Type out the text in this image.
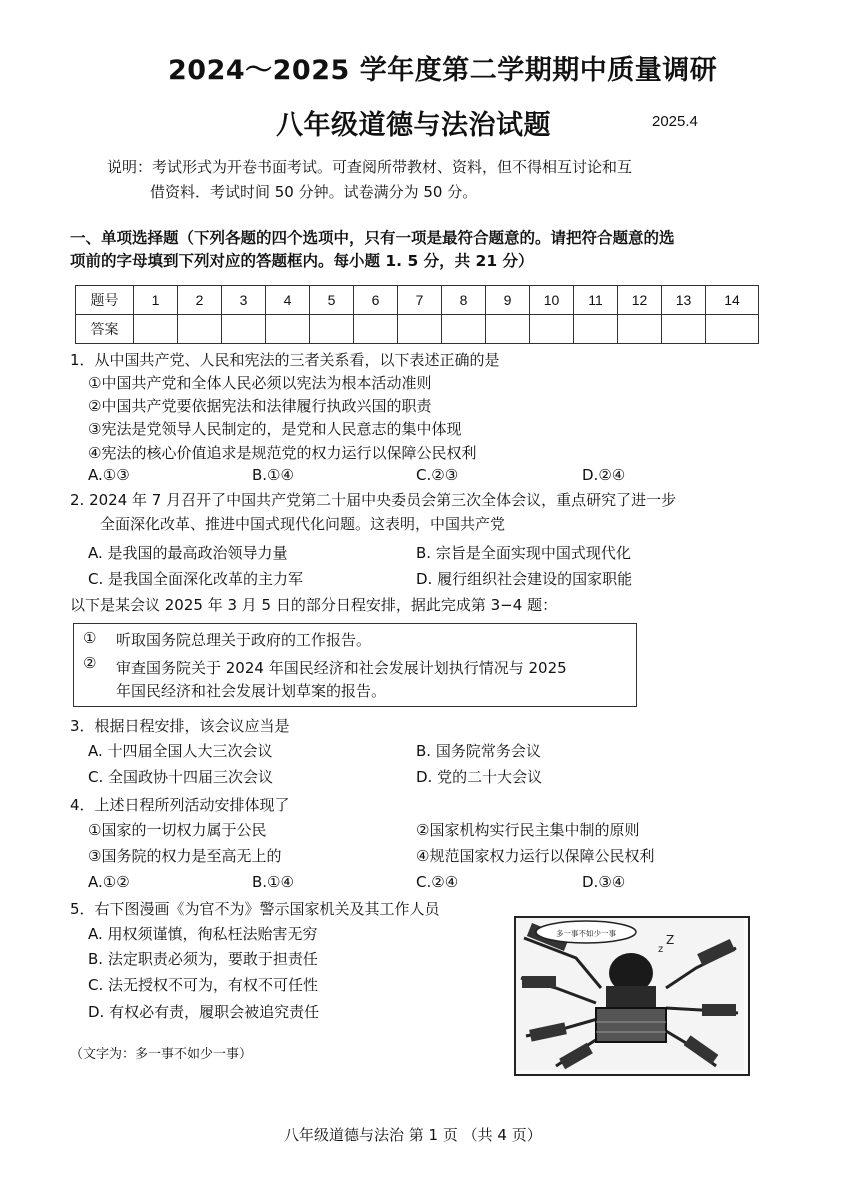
2024～2025 学年度第二学期期中质量调研
八年级道德与法治试题	2025.4
说明：考试形式为开卷书面考试。可查阅所带教材、资料，但不得相互讨论和互
借资料．考试时间 50 分钟。试卷满分为 50 分。
一、单项选择题（下列各题的四个选项中，只有一项是最符合题意的。请把符合题意的选
项前的字母填到下列对应的答题框内。每小题 1. 5 分，共 21 分）
题号	1	2	3	4	5	6	7	8	9	10	11	12	13	14
答案														
1．从中国共产党、人民和宪法的三者关系看，以下表述正确的是
①中国共产党和全体人民必须以宪法为根本活动准则
②中国共产党要依据宪法和法律履行执政兴国的职责
③宪法是党领导人民制定的，是党和人民意志的集中体现
④宪法的核心价值追求是规范党的权力运行以保障公民权利
A.①③	B.①④	C.②③	D.②④
2. 2024 年 7 月召开了中国共产党第二十届中央委员会第三次全体会议，重点研究了进一步
全面深化改革、推进中国式现代化问题。这表明，中国共产党
A. 是我国的最高政治领导力量	B. 宗旨是全面实现中国式现代化
C. 是我国全面深化改革的主力军	D. 履行组织社会建设的国家职能
以下是某会议 2025 年 3 月 5 日的部分日程安排，据此完成第 3−4 题：
① 听取国务院总理关于政府的工作报告。
② 审查国务院关于 2024 年国民经济和社会发展计划执行情况与 2025
年国民经济和社会发展计划草案的报告。
3．根据日程安排，该会议应当是
A. 十四届全国人大三次会议	B. 国务院常务会议
C. 全国政协十四届三次会议	D. 党的二十大会议
4．上述日程所列活动安排体现了
①国家的一切权力属于公民	②国家机构实行民主集中制的原则
③国务院的权力是至高无上的	④规范国家权力运行以保障公民权利
A.①②	B.①④	C.②④	D.③④
5．右下图漫画《为官不为》警示国家机关及其工作人员
A. 用权须谨慎，徇私枉法贻害无穷
B. 法定职责必须为，要敢于担责任
C. 法无授权不可为，有权不可任性
D. 有权必有责，履职会被追究责任
（文字为：多一事不如少一事）
多一事不如少一事
z
Z
八年级道德与法治 第 1 页 （共 4 页）
